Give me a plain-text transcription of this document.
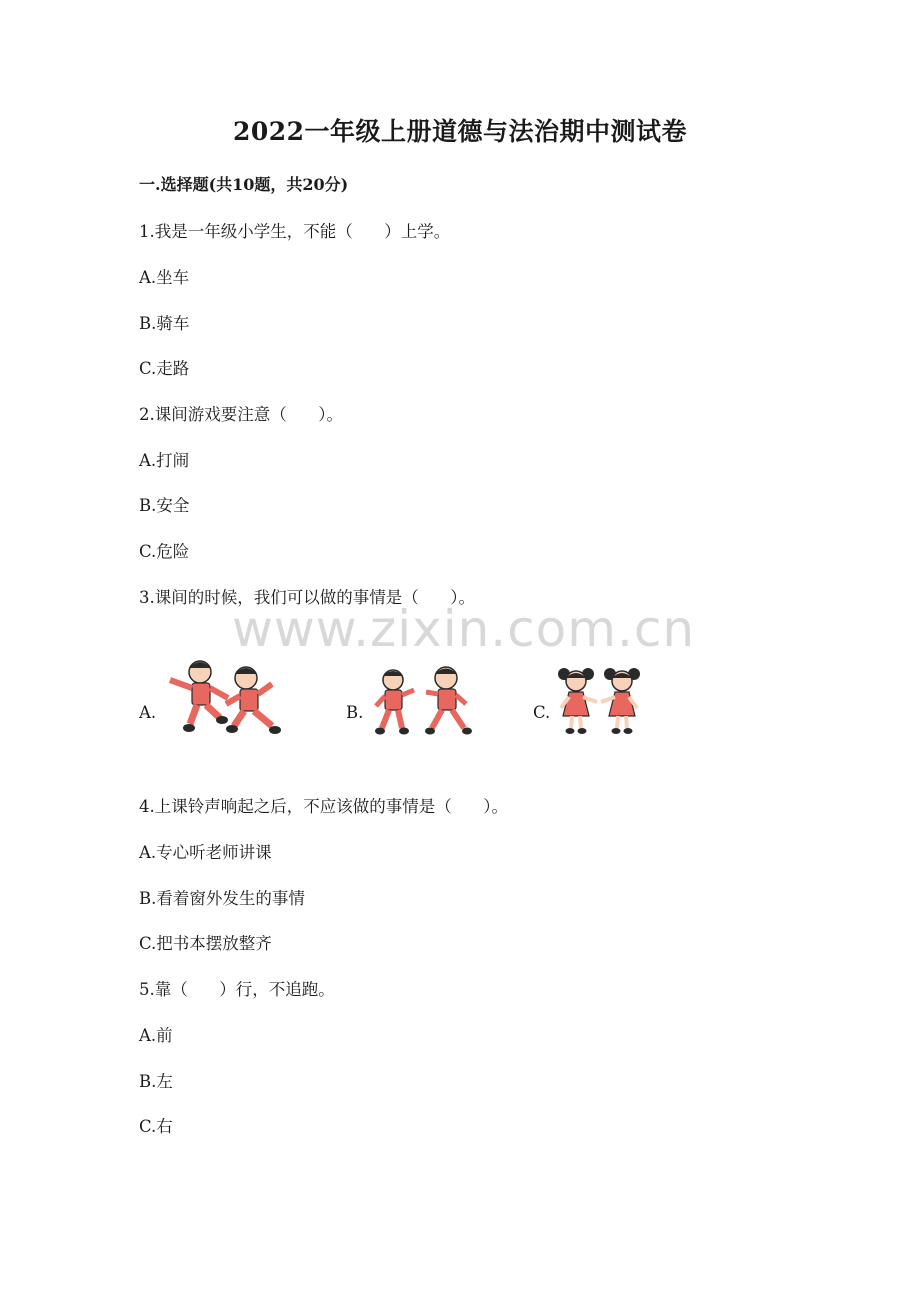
2022一年级上册道德与法治期中测试卷
一.选择题(共10题，共20分)
1.我是一年级小学生，不能（      ）上学。
A.坐车
B.骑车
C.走路
2.课间游戏要注意（      ）。
A.打闹
B.安全
C.危险
3.课间的时候，我们可以做的事情是（      ）。
www.zixin.com.cn
A.	B.	C.
4.上课铃声响起之后，不应该做的事情是（      ）。
A.专心听老师讲课
B.看着窗外发生的事情
C.把书本摆放整齐
5.靠（      ）行，不追跑。
A.前
B.左
C.右
